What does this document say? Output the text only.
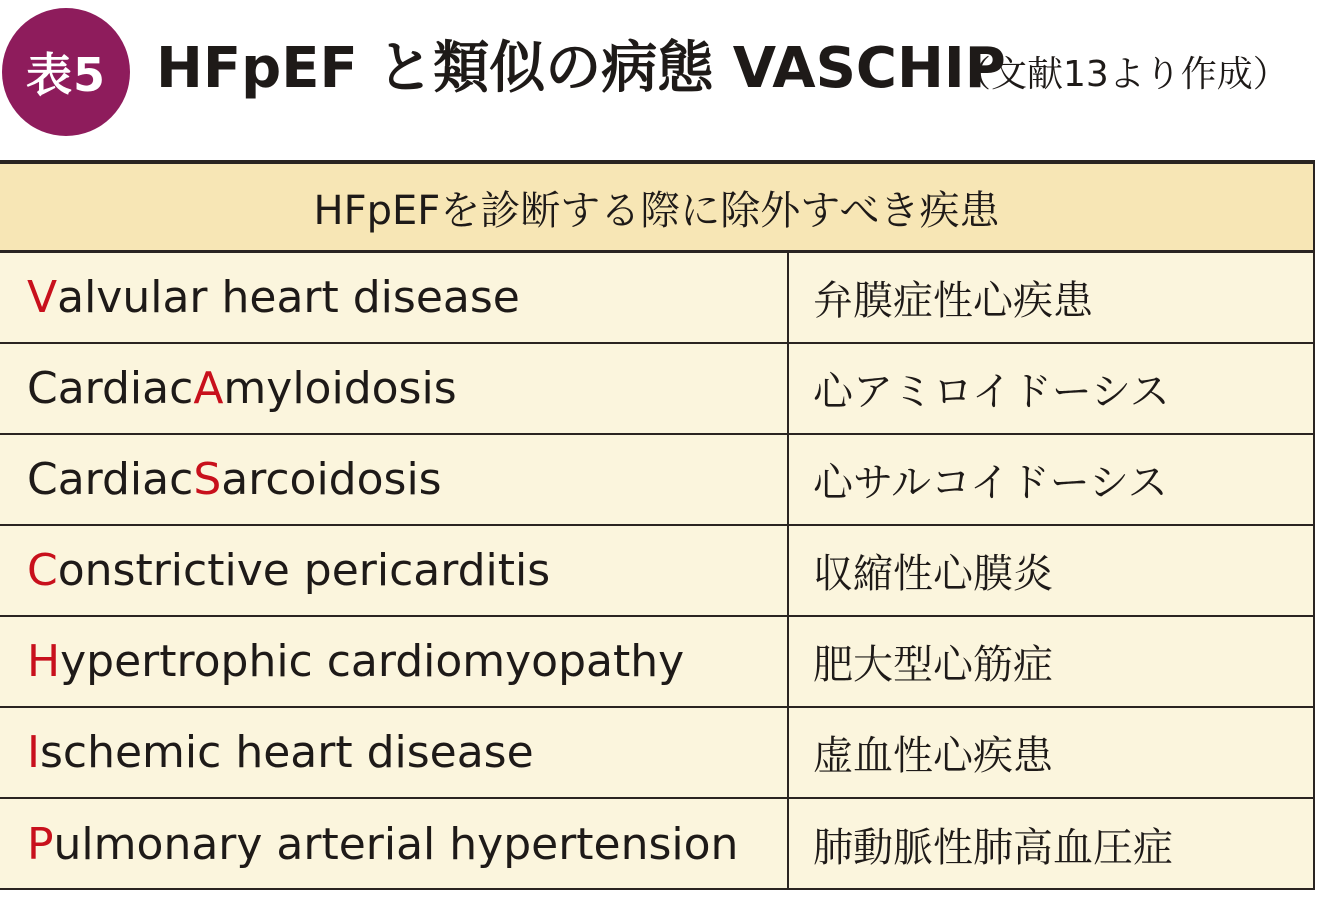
表5 HFpEF と類似の病態 VASCHIP
（文献13より作成）
HFpEFを診断する際に除外すべき疾患
V alvular heart disease	弁膜症性心疾患
Cardiac A myloidosis	心アミロイドーシス
Cardiac S arcoidosis	心サルコイドーシス
C onstrictive pericarditis	収縮性心膜炎
H ypertrophic cardiomyopathy	肥大型心筋症
I schemic heart disease	虚血性心疾患
P ulmonary arterial hypertension	肺動脈性肺高血圧症
